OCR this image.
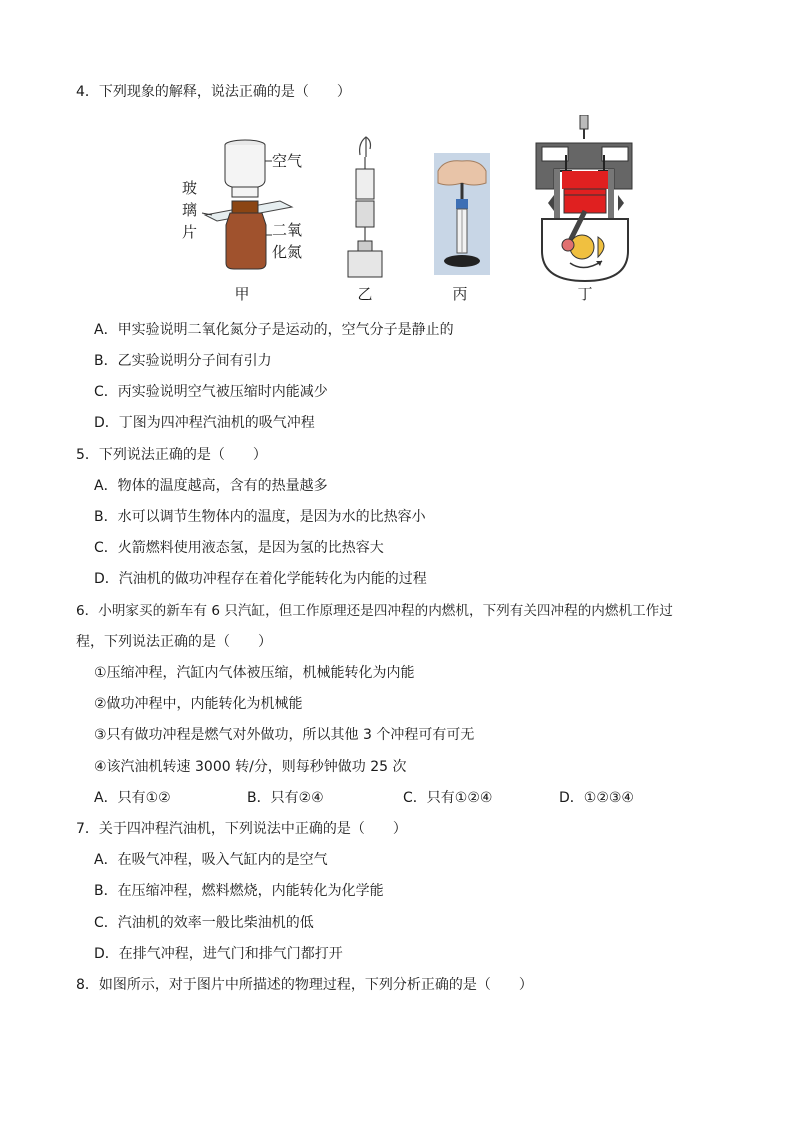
4．下列现象的解释，说法正确的是（　　）
空气
玻
璃
片	二氧
化氮
甲	乙	丙	丁
A．甲实验说明二氧化氮分子是运动的，空气分子是静止的
B．乙实验说明分子间有引力
C．丙实验说明空气被压缩时内能减少
D．丁图为四冲程汽油机的吸气冲程
5．下列说法正确的是（　　）
A．物体的温度越高，含有的热量越多
B．水可以调节生物体内的温度，是因为水的比热容小
C．火箭燃料使用液态氢，是因为氢的比热容大
D．汽油机的做功冲程存在着化学能转化为内能的过程
6．小明家买的新车有 6 只汽缸，但工作原理还是四冲程的内燃机，下列有关四冲程的内燃机工作过
程，下列说法正确的是（　　）
①压缩冲程，汽缸内气体被压缩，机械能转化为内能
②做功冲程中，内能转化为机械能
③只有做功冲程是燃气对外做功，所以其他 3 个冲程可有可无
④该汽油机转速 3000 转/分，则每秒钟做功 25 次
A．只有①②	B．只有②④	C．只有①②④	D．①②③④
7．关于四冲程汽油机，下列说法中正确的是（　　）
A．在吸气冲程，吸入气缸内的是空气
B．在压缩冲程，燃料燃烧，内能转化为化学能
C．汽油机的效率一般比柴油机的低
D．在排气冲程，进气门和排气门都打开
8．如图所示，对于图片中所描述的物理过程，下列分析正确的是（　　）
